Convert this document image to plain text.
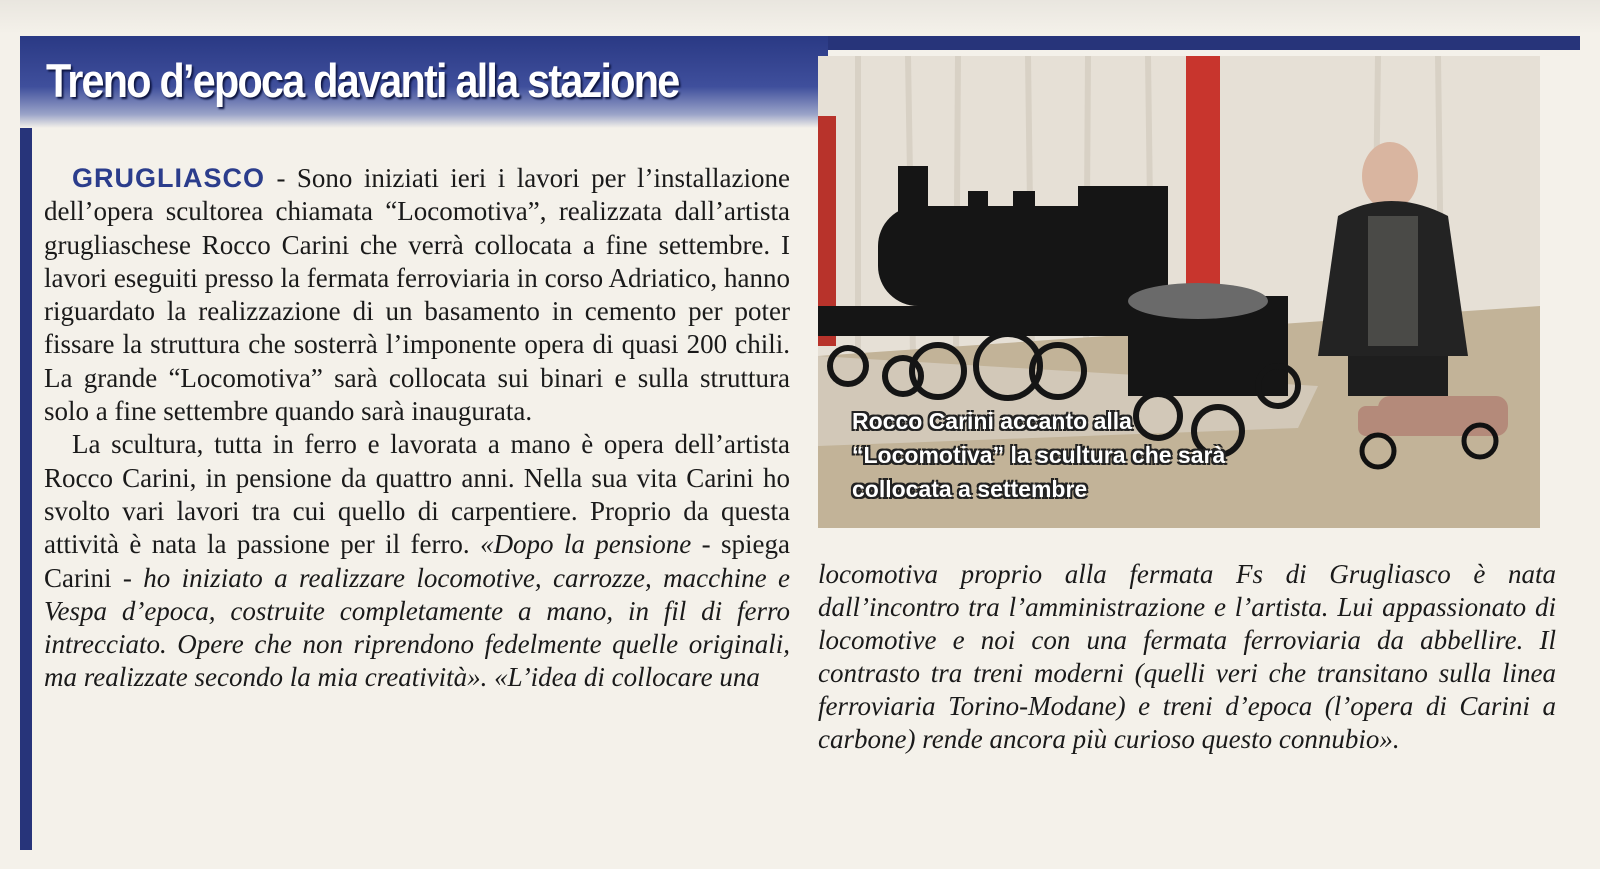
Treno d’epoca davanti alla stazione

GRUGLIASCO - Sono iniziati ieri i lavori per l’installazione dell’opera scultorea chiamata “Locomotiva”, realizzata dall’artista grugliaschese Rocco Carini che verrà collocata a fine settembre. I lavori eseguiti presso la fermata ferroviaria in corso Adriatico, hanno riguardato la realizzazione di un basamento in cemento per poter fissare la struttura che sosterrà l’imponente opera di quasi 200 chili. La grande “Locomotiva” sarà collocata sui binari e sulla struttura solo a fine settembre quando sarà inaugurata.

La scultura, tutta in ferro e lavorata a mano è opera dell’artista Rocco Carini, in pensione da quattro anni. Nella sua vita Carini ho svolto vari lavori tra cui quello di carpentiere. Proprio da questa attività è nata la passione per il ferro. «Dopo la pensione - spiega Carini - ho iniziato a realizzare locomotive, carrozze, macchine e Vespa d’epoca, costruite completamente a mano, in fil di ferro intrecciato. Opere che non riprendono fedelmente quelle originali, ma realizzate secondo la mia creatività». «L’idea di collocare una

Rocco Carini accanto alla
“Locomotiva” la scultura che sarà
collocata a settembre

locomotiva proprio alla fermata Fs di Grugliasco è nata dall’incontro tra l’amministrazione e l’artista. Lui appassionato di locomotive e noi con una fermata ferroviaria da abbellire. Il contrasto tra treni moderni (quelli veri che transitano sulla linea ferroviaria Torino-Modane) e treni d’epoca (l’opera di Carini a carbone) rende ancora più curioso questo connubio».
